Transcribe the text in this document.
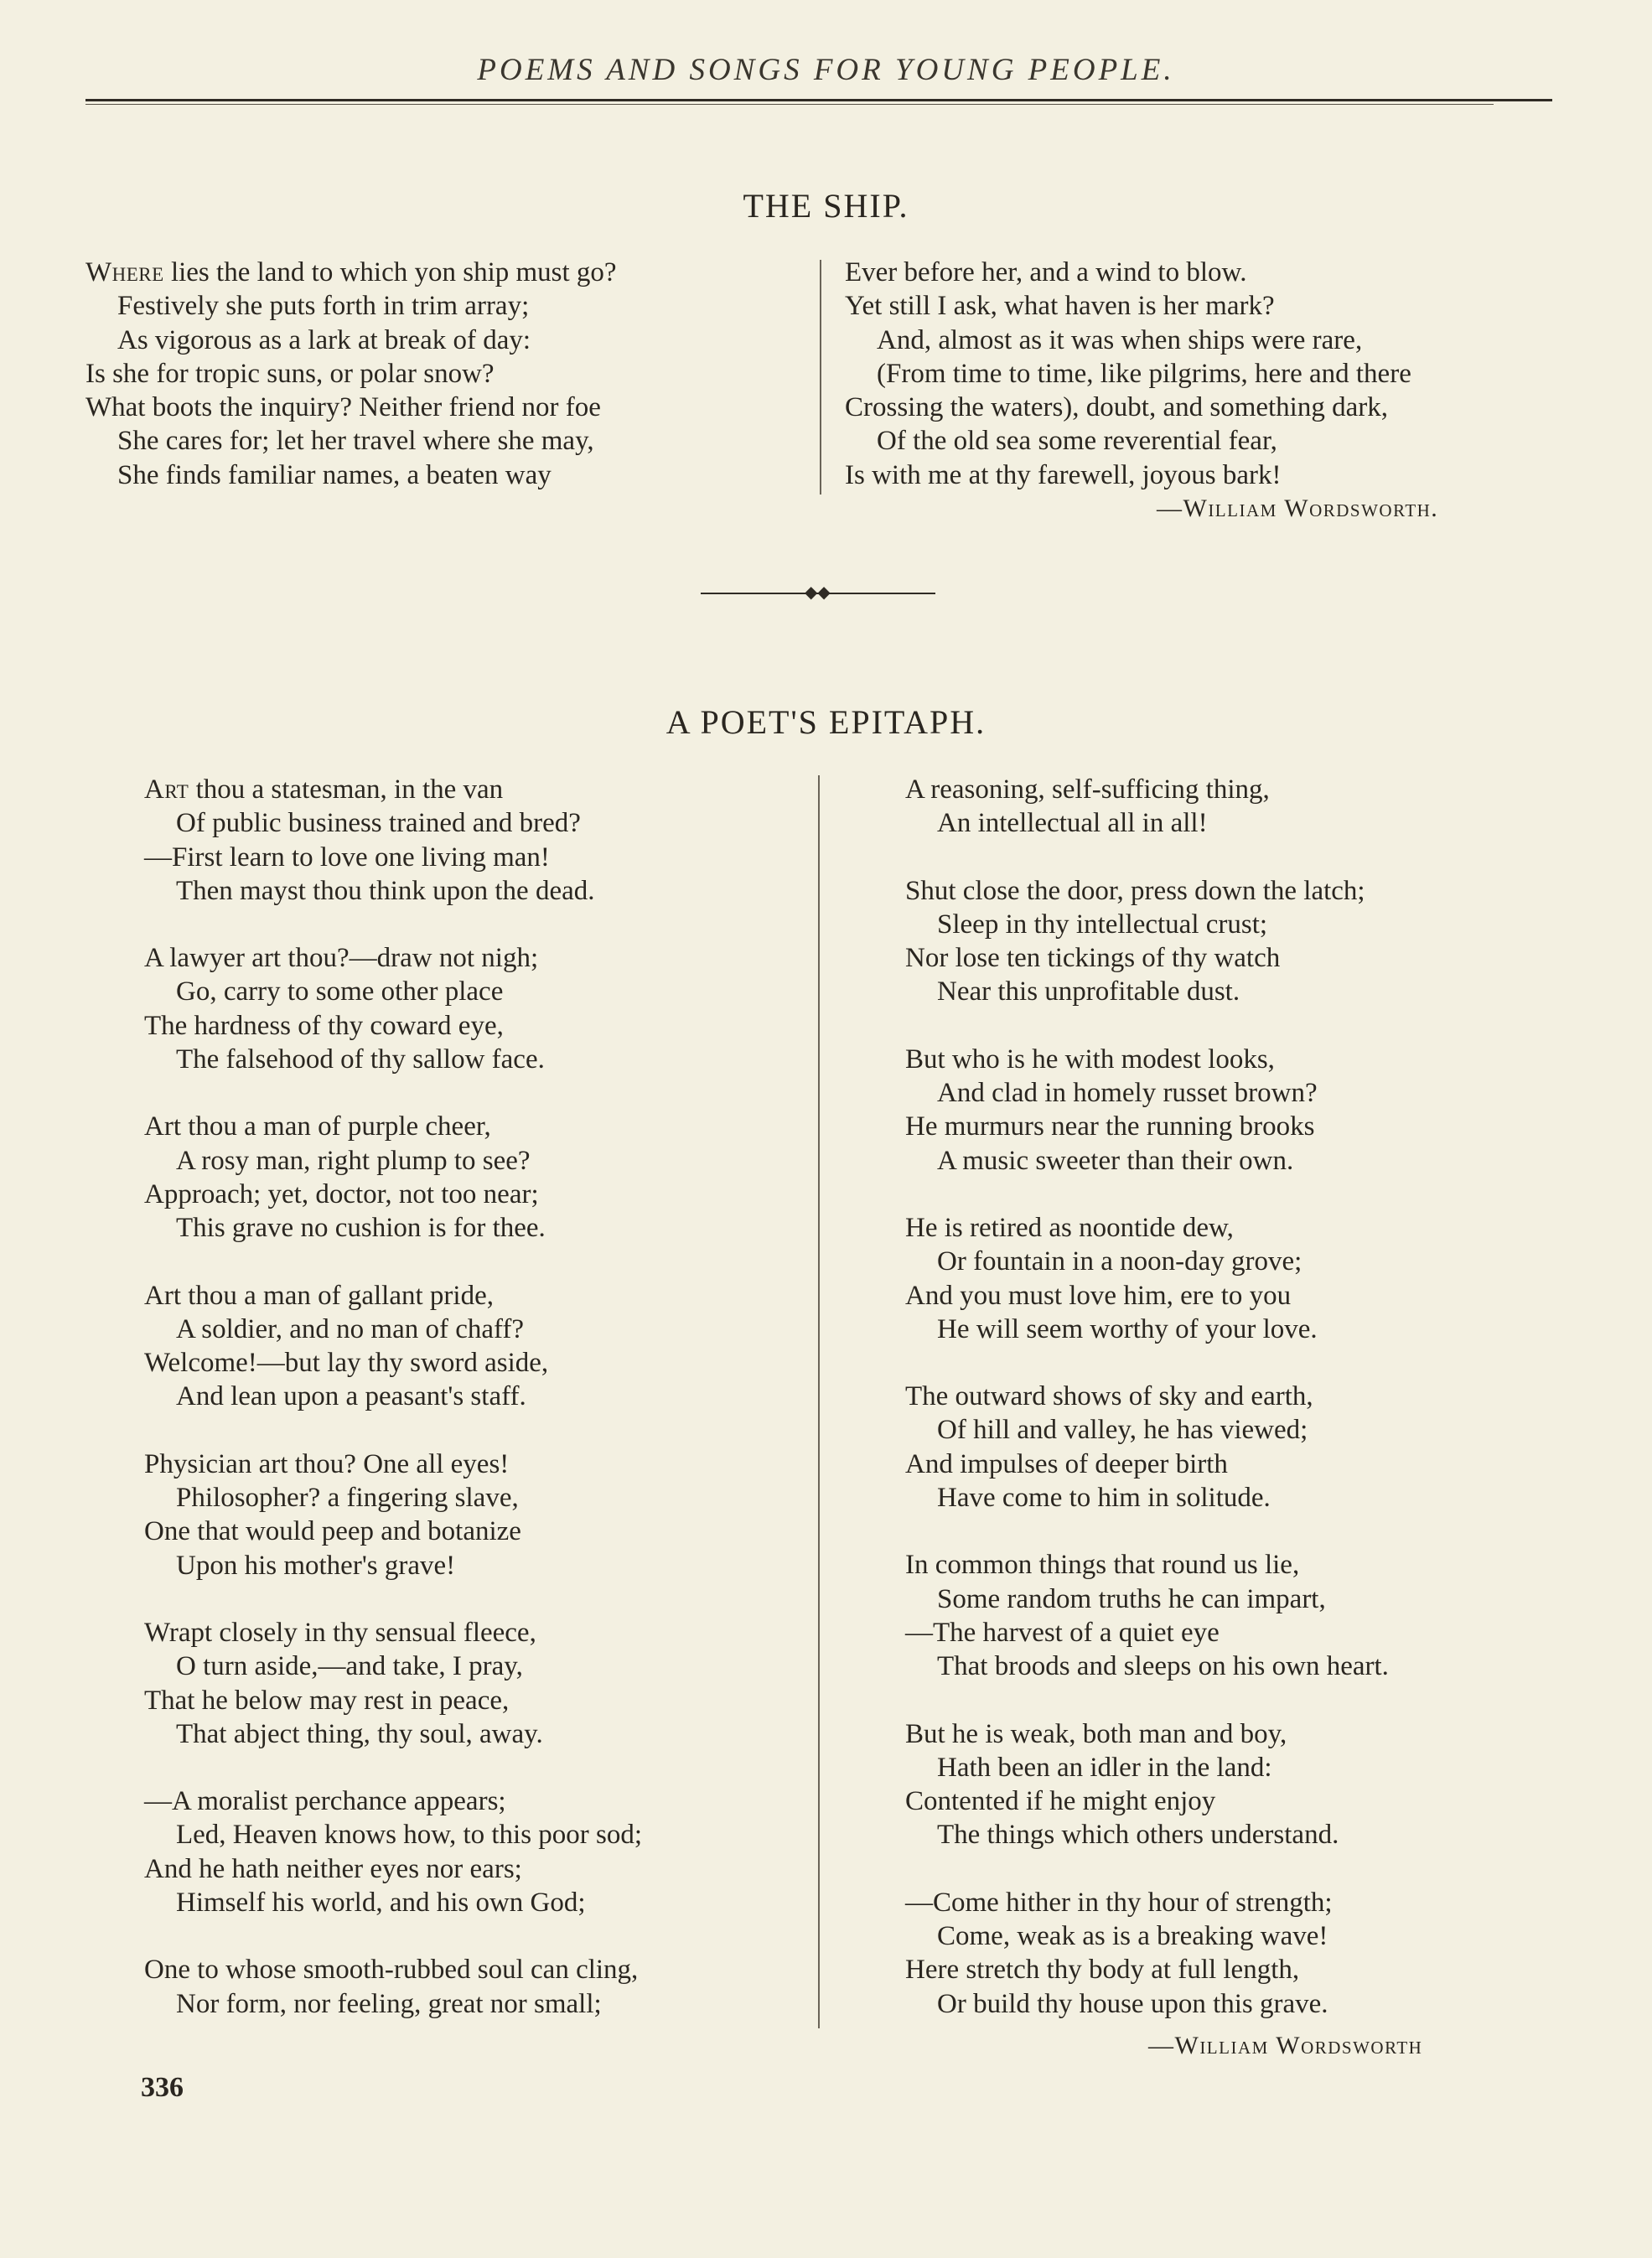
POEMS AND SONGS FOR YOUNG PEOPLE.
THE SHIP.
Where lies the land to which yon ship must go?
Festively she puts forth in trim array;
As vigorous as a lark at break of day:
Is she for tropic suns, or polar snow?
What boots the inquiry? Neither friend nor foe
She cares for; let her travel where she may,
She finds familiar names, a beaten way
Ever before her, and a wind to blow.
Yet still I ask, what haven is her mark?
And, almost as it was when ships were rare,
(From time to time, like pilgrims, here and there
Crossing the waters), doubt, and something dark,
Of the old sea some reverential fear,
Is with me at thy farewell, joyous bark!
—William Wordsworth.
◆◆
A POET'S EPITAPH.
Art thou a statesman, in the van
Of public business trained and bred?
—First learn to love one living man!
Then mayst thou think upon the dead.
A lawyer art thou?—draw not nigh;
Go, carry to some other place
The hardness of thy coward eye,
The falsehood of thy sallow face.
Art thou a man of purple cheer,
A rosy man, right plump to see?
Approach; yet, doctor, not too near;
This grave no cushion is for thee.
Art thou a man of gallant pride,
A soldier, and no man of chaff?
Welcome!—but lay thy sword aside,
And lean upon a peasant's staff.
Physician art thou? One all eyes!
Philosopher? a fingering slave,
One that would peep and botanize
Upon his mother's grave!
Wrapt closely in thy sensual fleece,
O turn aside,—and take, I pray,
That he below may rest in peace,
That abject thing, thy soul, away.
—A moralist perchance appears;
Led, Heaven knows how, to this poor sod;
And he hath neither eyes nor ears;
Himself his world, and his own God;
One to whose smooth-rubbed soul can cling,
Nor form, nor feeling, great nor small;
A reasoning, self-sufficing thing,
An intellectual all in all!
Shut close the door, press down the latch;
Sleep in thy intellectual crust;
Nor lose ten tickings of thy watch
Near this unprofitable dust.
But who is he with modest looks,
And clad in homely russet brown?
He murmurs near the running brooks
A music sweeter than their own.
He is retired as noontide dew,
Or fountain in a noon-day grove;
And you must love him, ere to you
He will seem worthy of your love.
The outward shows of sky and earth,
Of hill and valley, he has viewed;
And impulses of deeper birth
Have come to him in solitude.
In common things that round us lie,
Some random truths he can impart,
—The harvest of a quiet eye
That broods and sleeps on his own heart.
But he is weak, both man and boy,
Hath been an idler in the land:
Contented if he might enjoy
The things which others understand.
—Come hither in thy hour of strength;
Come, weak as is a breaking wave!
Here stretch thy body at full length,
Or build thy house upon this grave.
—William Wordsworth
336
